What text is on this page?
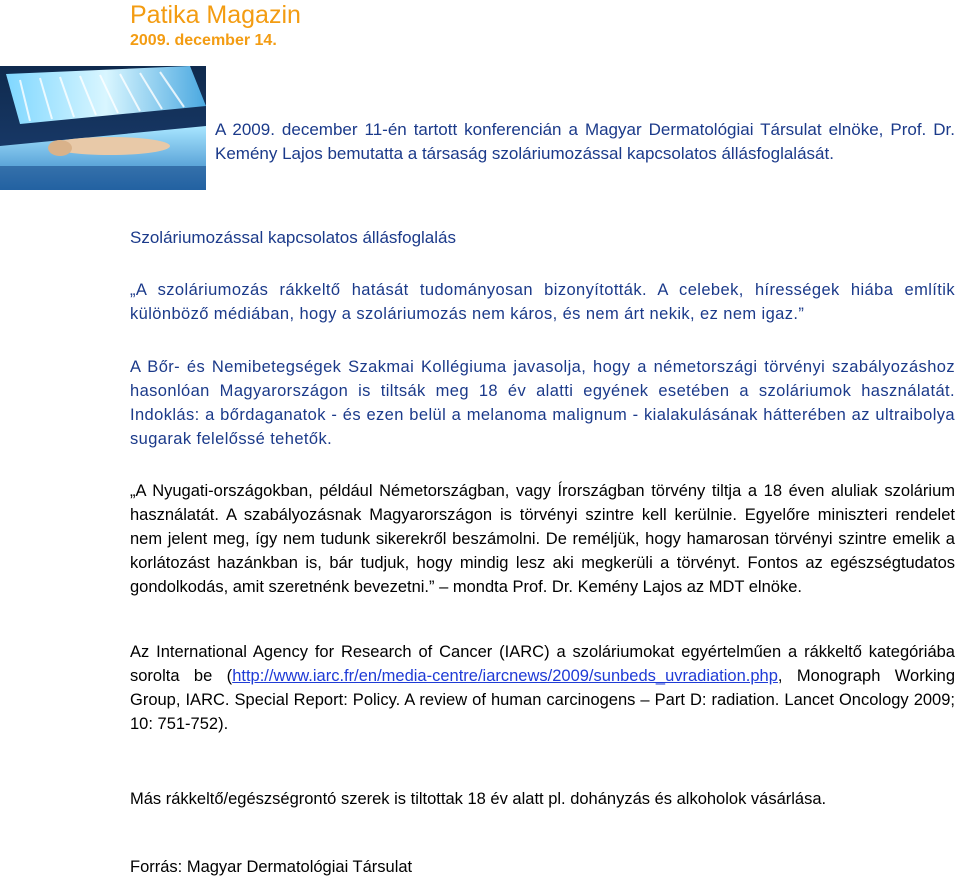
Patika Magazin
2009. december 14.
A 2009. december 11-én tartott konferencián a Magyar Dermatológiai Társulat elnöke, Prof. Dr. Kemény Lajos bemutatta a társaság szoláriumozással kapcsolatos állásfoglalását.
Szoláriumozással kapcsolatos állásfoglalás

„A szoláriumozás rákkeltő hatását tudományosan bizonyították. A celebek, hírességek hiába említik különböző médiában, hogy a szoláriumozás nem káros, és nem árt nekik, ez nem igaz.”

A Bőr- és Nemibetegségek Szakmai Kollégiuma javasolja, hogy a németországi törvényi szabályozáshoz hasonlóan Magyarországon is tiltsák meg 18 év alatti egyének esetében a szoláriumok használatát. Indoklás: a bőrdaganatok - és ezen belül a melanoma malignum - kialakulásának hátterében az ultraibolya sugarak felelőssé tehetők.

„A Nyugati-országokban, például Németországban, vagy Írországban törvény tiltja a 18 éven aluliak szolárium használatát. A szabályozásnak Magyarországon is törvényi szintre kell kerülnie. Egyelőre miniszteri rendelet nem jelent meg, így nem tudunk sikerekről beszámolni. De reméljük, hogy hamarosan törvényi szintre emelik a korlátozást hazánkban is, bár tudjuk, hogy mindig lesz aki megkerüli a törvényt. Fontos az egészségtudatos gondolkodás, amit szeretnénk bevezetni.” – mondta Prof. Dr. Kemény Lajos az MDT elnöke.

Az International Agency for Research of Cancer (IARC) a szoláriumokat egyértelműen a rákkeltő kategóriába sorolta be (http://www.iarc.fr/en/media-centre/iarcnews/2009/sunbeds_uvradiation.php, Monograph Working Group, IARC. Special Report: Policy. A review of human carcinogens – Part D: radiation. Lancet Oncology 2009; 10: 751-752).

Más rákkeltő/egészségrontó szerek is tiltottak 18 év alatt pl. dohányzás és alkoholok vásárlása.

Forrás: Magyar Dermatológiai Társulat
